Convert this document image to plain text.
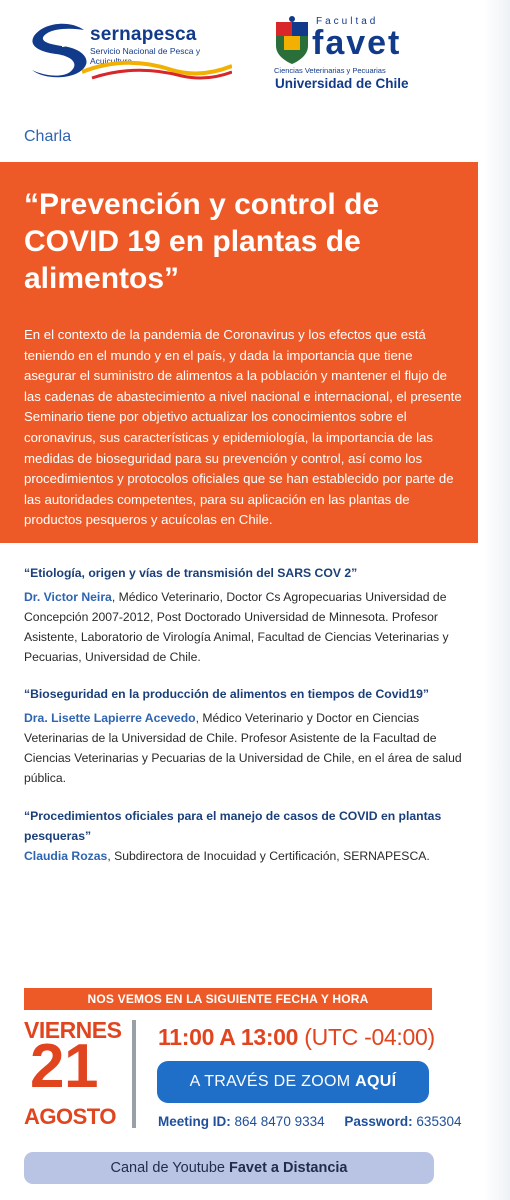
sernapesca
Servicio Nacional de Pesca y Acuicultura
Facultad
favet
Ciencias Veterinarias y Pecuarias
Universidad de Chile
Charla
“Prevención y control de COVID 19 en plantas de alimentos”
En el contexto de la pandemia de Coronavirus y los efectos que está teniendo en el mundo y en el país, y dada la importancia que tiene asegurar el suministro de alimentos a la población y mantener el flujo de las cadenas de abastecimiento a nivel nacional e internacional, el presente Seminario tiene por objetivo actualizar los conocimientos sobre el coronavirus, sus características y epidemiología, la importancia de las medidas de bioseguridad para su prevención y control, así como los procedimientos y protocolos oficiales que se han establecido por parte de las autoridades competentes, para su aplicación en las plantas de productos pesqueros y acuícolas en Chile.
“Etiología, origen y vías de transmisión del SARS COV 2”
Dr. Victor Neira, Médico Veterinario, Doctor Cs Agropecuarias Universidad de Concepción 2007-2012, Post Doctorado Universidad de Minnesota. Profesor Asistente, Laboratorio de Virología Animal, Facultad de Ciencias Veterinarias y Pecuarias, Universidad de Chile.
“Bioseguridad en la producción de alimentos en tiempos de Covid19”
Dra. Lisette Lapierre Acevedo, Médico Veterinario y Doctor en Ciencias Veterinarias de la Universidad de Chile. Profesor Asistente de la Facultad de Ciencias Veterinarias y Pecuarias de la Universidad de Chile, en el área de salud pública.
“Procedimientos oficiales para el manejo de casos de COVID en plantas pesqueras”
Claudia Rozas, Subdirectora de Inocuidad y Certificación, SERNAPESCA.
NOS VEMOS EN LA SIGUIENTE FECHA Y HORA
VIERNES
21
AGOSTO
11:00 A 13:00 (UTC -04:00)
A TRAVÉS DE ZOOM AQUÍ
Meeting ID: 864 8470 9334 Password: 635304
Canal de Youtube Favet a Distancia
